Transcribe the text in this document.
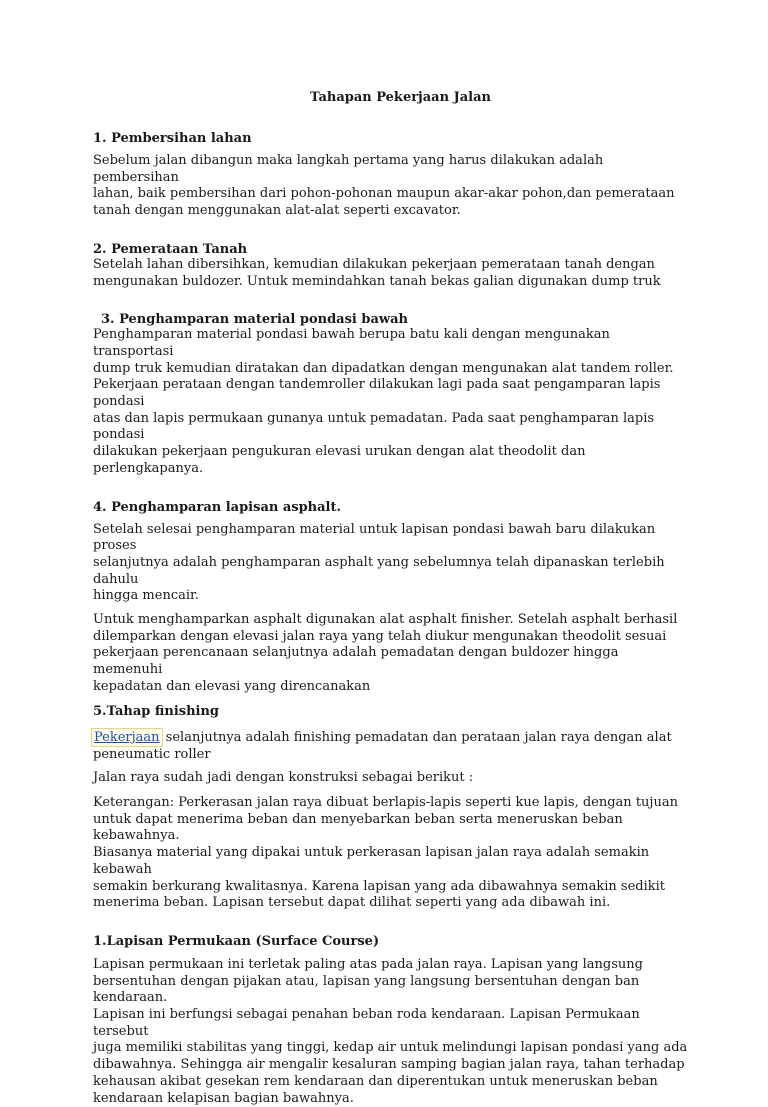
Tahapan Pekerjaan Jalan
1. Pembersihan lahan

Sebelum jalan dibangun maka langkah pertama yang harus dilakukan adalah pembersihan

lahan, baik pembersihan dari pohon-pohonan maupun akar-akar pohon,dan pemerataan

tanah dengan menggunakan alat-alat seperti excavator.

2. Pemerataan Tanah

Setelah lahan dibersihkan, kemudian dilakukan pekerjaan pemerataan tanah dengan

mengunakan buldozer. Untuk memindahkan tanah bekas galian digunakan dump truk

3. Penghamparan material pondasi bawah

Penghamparan material pondasi bawah berupa batu kali dengan mengunakan transportasi

dump truk kemudian diratakan dan dipadatkan dengan mengunakan alat tandem roller.

Pekerjaan perataan dengan tandemroller dilakukan lagi pada saat pengamparan lapis pondasi

atas dan lapis permukaan gunanya untuk pemadatan. Pada saat penghamparan lapis pondasi

dilakukan pekerjaan pengukuran elevasi urukan dengan alat theodolit dan perlengkapanya.

4. Penghamparan lapisan asphalt.

Setelah selesai penghamparan material untuk lapisan pondasi bawah baru dilakukan proses

selanjutnya adalah penghamparan asphalt yang sebelumnya telah dipanaskan terlebih dahulu

hingga mencair.

Untuk menghamparkan asphalt digunakan alat asphalt finisher. Setelah asphalt berhasil

dilemparkan dengan elevasi jalan raya yang telah diukur mengunakan theodolit sesuai

pekerjaan perencanaan selanjutnya adalah pemadatan dengan buldozer hingga memenuhi

kepadatan dan elevasi yang direncanakan

5.Tahap finishing

Pekerjaan selanjutnya adalah finishing pemadatan dan perataan jalan raya dengan alat

peneumatic roller

Jalan raya sudah jadi dengan konstruksi sebagai berikut :

Keterangan: Perkerasan jalan raya dibuat berlapis-lapis seperti kue lapis, dengan tujuan

untuk dapat menerima beban dan menyebarkan beban serta meneruskan beban kebawahnya.

Biasanya material yang dipakai untuk perkerasan lapisan jalan raya adalah semakin kebawah

semakin berkurang kwalitasnya. Karena lapisan yang ada dibawahnya semakin sedikit

menerima beban. Lapisan tersebut dapat dilihat seperti yang ada dibawah ini.

1.Lapisan Permukaan (Surface Course)

Lapisan permukaan ini terletak paling atas pada jalan raya. Lapisan yang langsung

bersentuhan dengan pijakan atau, lapisan yang langsung bersentuhan dengan ban kendaraan.

Lapisan ini berfungsi sebagai penahan beban roda kendaraan. Lapisan Permukaan tersebut

juga memiliki stabilitas yang tinggi, kedap air untuk melindungi lapisan pondasi yang ada

dibawahnya. Sehingga air mengalir kesaluran samping bagian jalan raya, tahan terhadap

kehausan akibat gesekan rem kendaraan dan diperentukan untuk meneruskan beban

kendaraan kelapisan bagian bawahnya.
